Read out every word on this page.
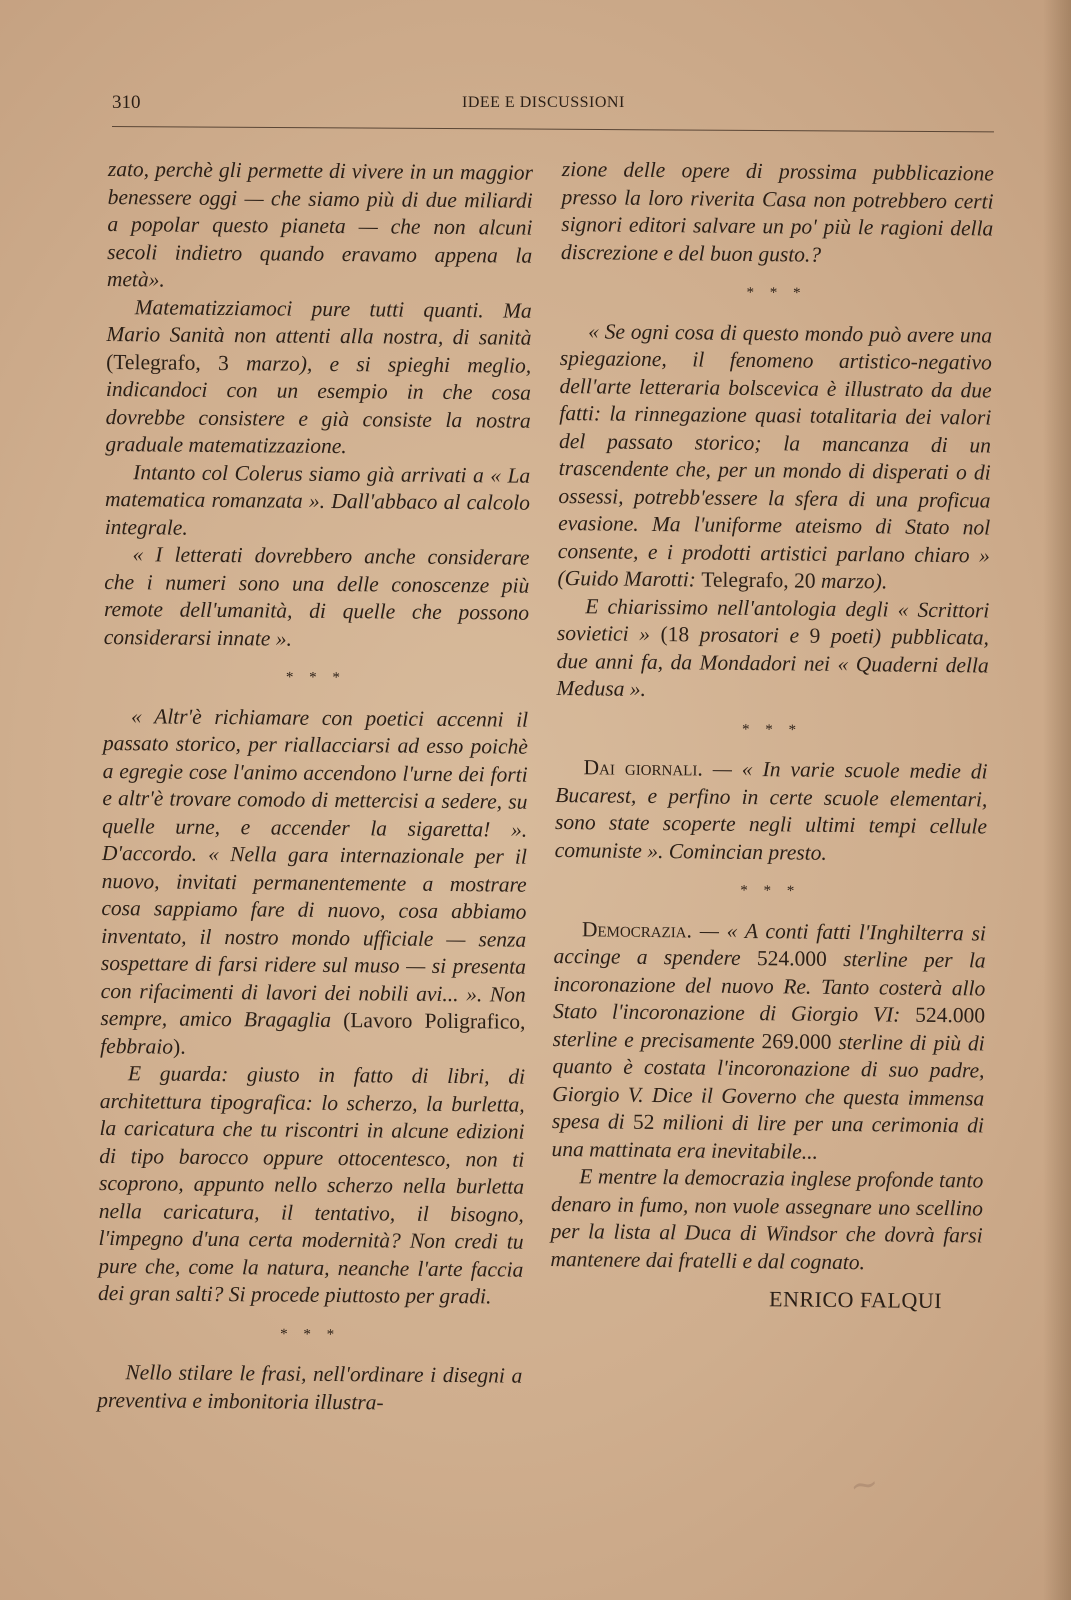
310	IDEE E DISCUSSIONI

zato, perchè gli permette di vivere in un maggior benessere oggi — che siamo più di due miliardi a popolar questo pianeta — che non alcuni secoli indietro quando eravamo appena la metà».

Matematizziamoci pure tutti quanti. Ma Mario Sanità non attenti alla nostra, di sanità (Telegrafo, 3 marzo), e si spieghi meglio, indicandoci con un esempio in che cosa dovrebbe consistere e già consiste la nostra graduale matematizzazione.

Intanto col Colerus siamo già arrivati a « La matematica romanzata ». Dall'abbaco al calcolo integrale.

« I letterati dovrebbero anche considerare che i numeri sono una delle conoscenze più remote dell'umanità, di quelle che possono considerarsi innate ».

* * *

« Altr'è richiamare con poetici accenni il passato storico, per riallacciarsi ad esso poichè a egregie cose l'animo accendono l'urne dei forti e altr'è trovare comodo di mettercisi a sedere, su quelle urne, e accender la sigaretta! ». D'accordo. « Nella gara internazionale per il nuovo, invitati permanentemente a mostrare cosa sappiamo fare di nuovo, cosa abbiamo inventato, il nostro mondo ufficiale — senza sospettare di farsi ridere sul muso — si presenta con rifacimenti di lavori dei nobili avi... ». Non sempre, amico Bragaglia (Lavoro Poligrafico, febbraio).

E guarda: giusto in fatto di libri, di architettura tipografica: lo scherzo, la burletta, la caricatura che tu riscontri in alcune edizioni di tipo barocco oppure ottocentesco, non ti scoprono, appunto nello scherzo nella burletta nella caricatura, il tentativo, il bisogno, l'impegno d'una certa modernità? Non credi tu pure che, come la natura, neanche l'arte faccia dei gran salti? Si procede piuttosto per gradi.

* * *

Nello stilare le frasi, nell'ordinare i disegni a preventiva e imbonitoria illustra-

zione delle opere di prossima pubblicazione presso la loro riverita Casa non potrebbero certi signori editori salvare un po' più le ragioni della discrezione e del buon gusto.?

* * *

« Se ogni cosa di questo mondo può avere una spiegazione, il fenomeno artistico-negativo dell'arte letteraria bolscevica è illustrato da due fatti: la rinnegazione quasi totalitaria dei valori del passato storico; la mancanza di un trascendente che, per un mondo di disperati o di ossessi, potrebb'essere la sfera di una proficua evasione. Ma l'uniforme ateismo di Stato nol consente, e i prodotti artistici parlano chiaro » (Guido Marotti: Telegrafo, 20 marzo).

E chiarissimo nell'antologia degli « Scrittori sovietici » (18 prosatori e 9 poeti) pubblicata, due anni fa, da Mondadori nei « Quaderni della Medusa ».

* * *

Dai giornali. — « In varie scuole medie di Bucarest, e perfino in certe scuole elementari, sono state scoperte negli ultimi tempi cellule comuniste ». Comincian presto.

* * *

Democrazia. — « A conti fatti l'Inghilterra si accinge a spendere 524.000 sterline per la incoronazione del nuovo Re. Tanto costerà allo Stato l'incoronazione di Giorgio VI: 524.000 sterline e precisamente 269.000 sterline di più di quanto è costata l'incoronazione di suo padre, Giorgio V. Dice il Governo che questa immensa spesa di 52 milioni di lire per una cerimonia di una mattinata era inevitabile...

E mentre la democrazia inglese profonde tanto denaro in fumo, non vuole assegnare uno scellino per la lista al Duca di Windsor che dovrà farsi mantenere dai fratelli e dal cognato.

ENRICO FALQUI
~
